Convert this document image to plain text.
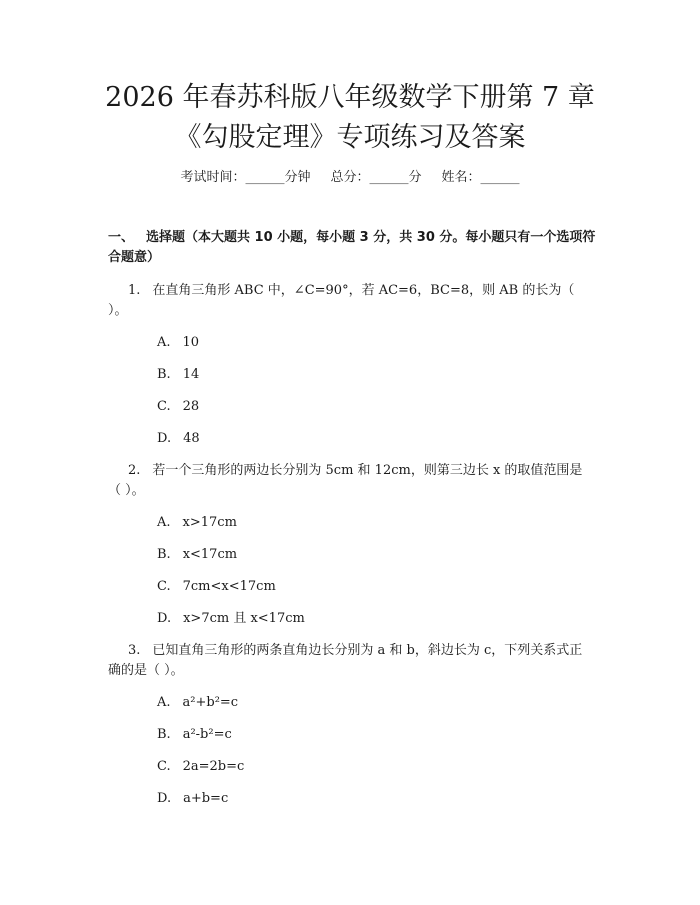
2026 年春苏科版八年级数学下册第 7 章《勾股定理》专项练习及答案
考试时间：______分钟 总分：______分 姓名：______
一、 选择题（本大题共 10 小题，每小题 3 分，共 30 分。每小题只有一个选项符合题意）
1. 在直角三角形 ABC 中，∠C=90°，若 AC=6，BC=8，则 AB 的长为（ ）。
A. 10
B. 14
C. 28
D. 48
2. 若一个三角形的两边长分别为 5cm 和 12cm，则第三边长 x 的取值范围是（ ）。
A. x>17cm
B. x<17cm
C. 7cm<x<17cm
D. x>7cm 且 x<17cm
3. 已知直角三角形的两条直角边长分别为 a 和 b，斜边长为 c，下列关系式正确的是（ ）。
A. a²+b²=c
B. a²-b²=c
C. 2a=2b=c
D. a+b=c
